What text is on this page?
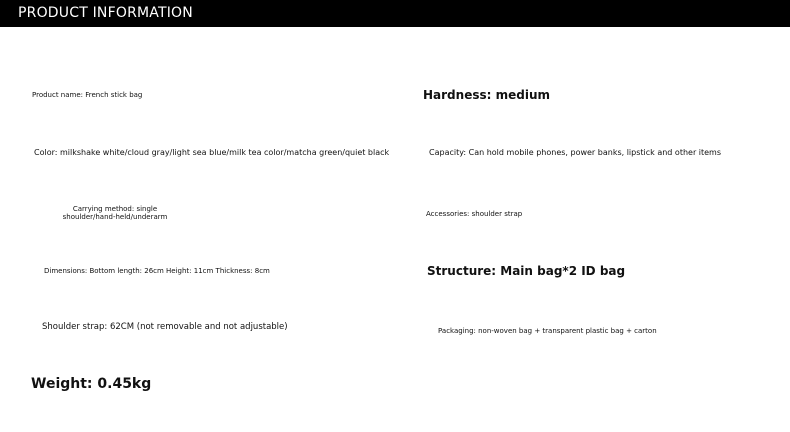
PRODUCT INFORMATION
Product name: French stick bag	Hardness: medium
Color: milkshake white/cloud gray/light sea blue/milk tea color/matcha green/quiet black	Capacity: Can hold mobile phones, power banks, lipstick and other items
Carrying method: single
shoulder/hand-held/underarm	Accessories: shoulder strap
Dimensions: Bottom length: 26cm Height: 11cm Thickness: 8cm	Structure: Main bag*2 ID bag
Shoulder strap: 62CM (not removable and not adjustable)	Packaging: non-woven bag + transparent plastic bag + carton
Weight: 0.45kg
